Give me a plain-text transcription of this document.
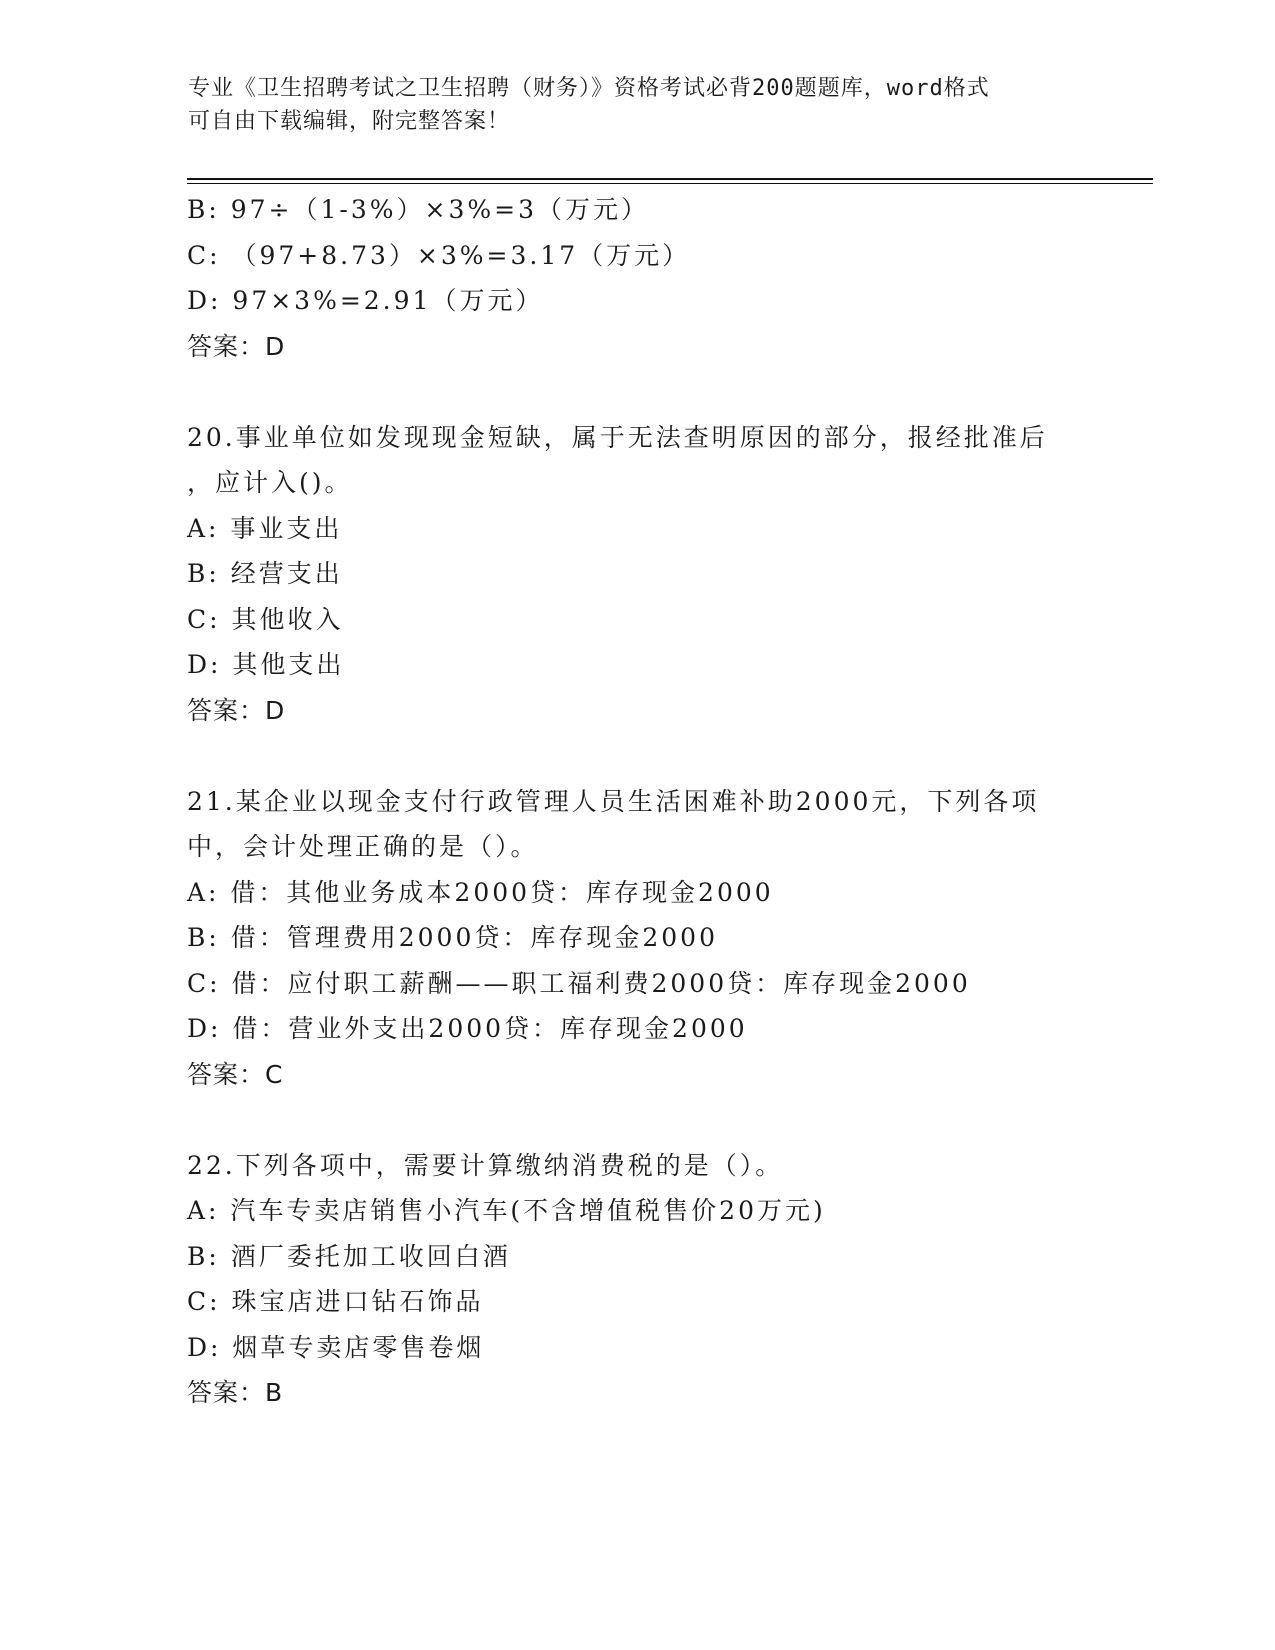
专业《卫生招聘考试之卫生招聘（财务）》资格考试必背200题题库，word格式
可自由下载编辑，附完整答案！
B: 97÷（1-3%）×3%=3（万元）
C: （97+8.73）×3%=3.17（万元）
D: 97×3%=2.91（万元）
答案：D
20.事业单位如发现现金短缺，属于无法查明原因的部分，报经批准后
，应计入()。
A: 事业支出
B: 经营支出
C: 其他收入
D: 其他支出
答案：D
21.某企业以现金支付行政管理人员生活困难补助2000元，下列各项
中，会计处理正确的是（）。
A: 借：其他业务成本2000贷：库存现金2000
B: 借：管理费用2000贷：库存现金2000
C: 借：应付职工薪酬——职工福利费2000贷：库存现金2000
D: 借：营业外支出2000贷：库存现金2000
答案：C
22.下列各项中，需要计算缴纳消费税的是（）。
A: 汽车专卖店销售小汽车(不含增值税售价20万元)
B: 酒厂委托加工收回白酒
C: 珠宝店进口钻石饰品
D: 烟草专卖店零售卷烟
答案：B
